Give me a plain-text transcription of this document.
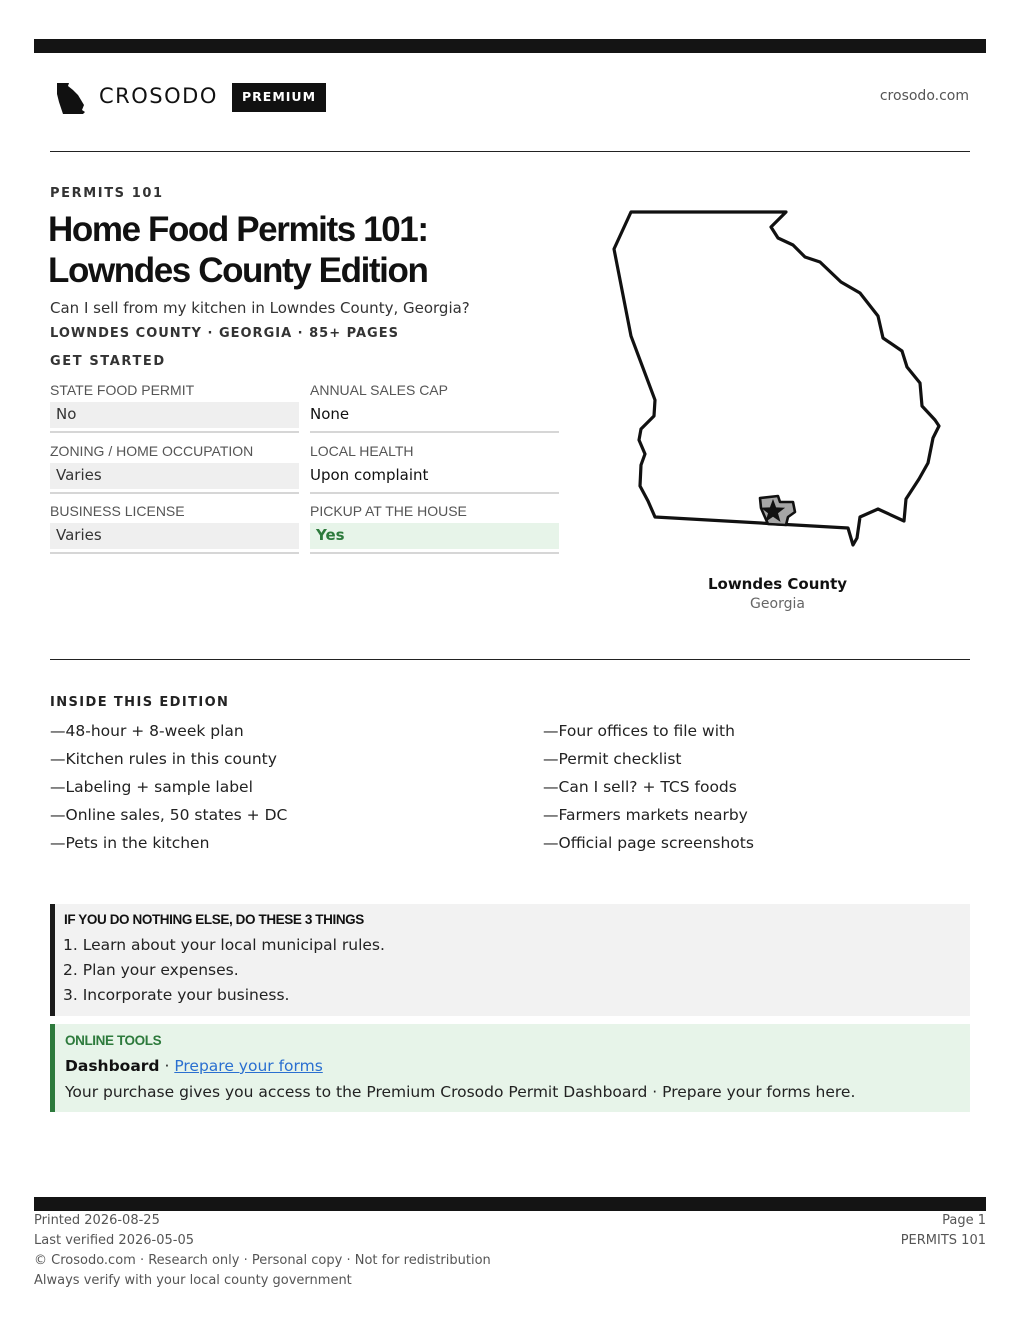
CROSODO	PREMIUM	crosodo.com
PERMITS 101
Home Food Permits 101:
Lowndes County Edition
Can I sell from my kitchen in Lowndes County, Georgia?
LOWNDES COUNTY · GEORGIA · 85+ PAGES
GET STARTED
STATE FOOD PERMIT
No
ANNUAL SALES CAP
None
ZONING / HOME OCCUPATION
Varies
LOCAL HEALTH
Upon complaint
BUSINESS LICENSE
Varies
PICKUP AT THE HOUSE
Yes
Lowndes County
Georgia
INSIDE THIS EDITION
—48-hour + 8-week plan
—Kitchen rules in this county
—Labeling + sample label
—Online sales, 50 states + DC
—Pets in the kitchen
—Four offices to file with
—Permit checklist
—Can I sell? + TCS foods
—Farmers markets nearby
—Official page screenshots
IF YOU DO NOTHING ELSE, DO THESE 3 THINGS
1. Learn about your local municipal rules.
2. Plan your expenses.
3. Incorporate your business.
ONLINE TOOLS
Dashboard · Prepare your forms
Your purchase gives you access to the Premium Crosodo Permit Dashboard · Prepare your forms here.
Printed 2026-08-25
Last verified 2026-05-05
© Crosodo.com · Research only · Personal copy · Not for redistribution
Always verify with your local county government
Page 1
PERMITS 101
